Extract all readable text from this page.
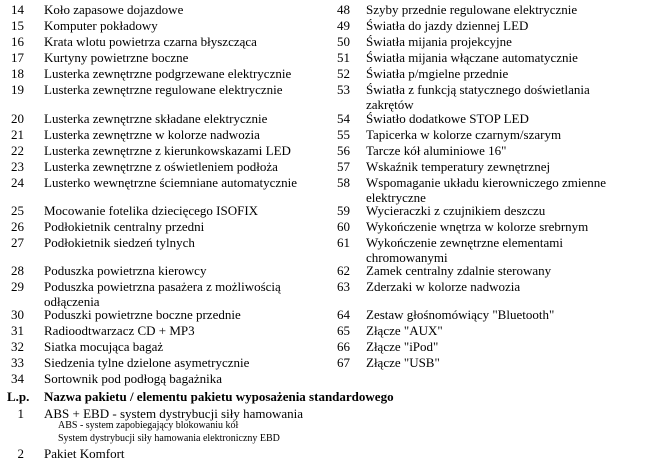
14 Koło zapasowe dojazdowe
15 Komputer pokładowy
16 Krata wlotu powietrza czarna błyszcząca
17 Kurtyny powietrzne boczne
18 Lusterka zewnętrzne podgrzewane elektrycznie
19 Lusterka zewnętrzne regulowane elektrycznie
20 Lusterka zewnętrzne składane elektrycznie
21 Lusterka zewnętrzne w kolorze nadwozia
22 Lusterka zewnętrzne z kierunkowskazami LED
23 Lusterka zewnętrzne z oświetleniem podłoża
24 Lusterko wewnętrzne ściemniane automatycznie
25 Mocowanie fotelika dziecięcego ISOFIX
26 Podłokietnik centralny przedni
27 Podłokietnik siedzeń tylnych
28 Poduszka powietrzna kierowcy
29 Poduszka powietrzna pasażera z możliwością odłączenia
30 Poduszki powietrzne boczne przednie
31 Radioodtwarzacz CD + MP3
32 Siatka mocująca bagaż
33 Siedzenia tylne dzielone asymetrycznie
34 Sortownik pod podłogą bagażnika
48 Szyby przednie regulowane elektrycznie
49 Światła do jazdy dziennej LED
50 Światła mijania projekcyjne
51 Światła mijania włączane automatycznie
52 Światła p/mgielne przednie
53 Światła z funkcją statycznego doświetlania zakrętów
54 Światło dodatkowe STOP LED
55 Tapicerka w kolorze czarnym/szarym
56 Tarcze kół aluminiowe 16"
57 Wskaźnik temperatury zewnętrznej
58 Wspomaganie układu kierowniczego zmienne elektryczne
59 Wycieraczki z czujnikiem deszczu
60 Wykończenie wnętrza w kolorze srebrnym
61 Wykończenie zewnętrzne elementami chromowanymi
62 Zamek centralny zdalnie sterowany
63 Zderzaki w kolorze nadwozia
64 Zestaw głośnomówiący "Bluetooth"
65 Złącze "AUX"
66 Złącze "iPod"
67 Złącze "USB"
L.p. Nazwa pakietu / elementu pakietu wyposażenia standardowego
1 ABS + EBD - system dystrybucji siły hamowania
ABS - system zapobiegający blokowaniu kół
System dystrybucji siły hamowania elektroniczny EBD
2 Pakiet Komfort
